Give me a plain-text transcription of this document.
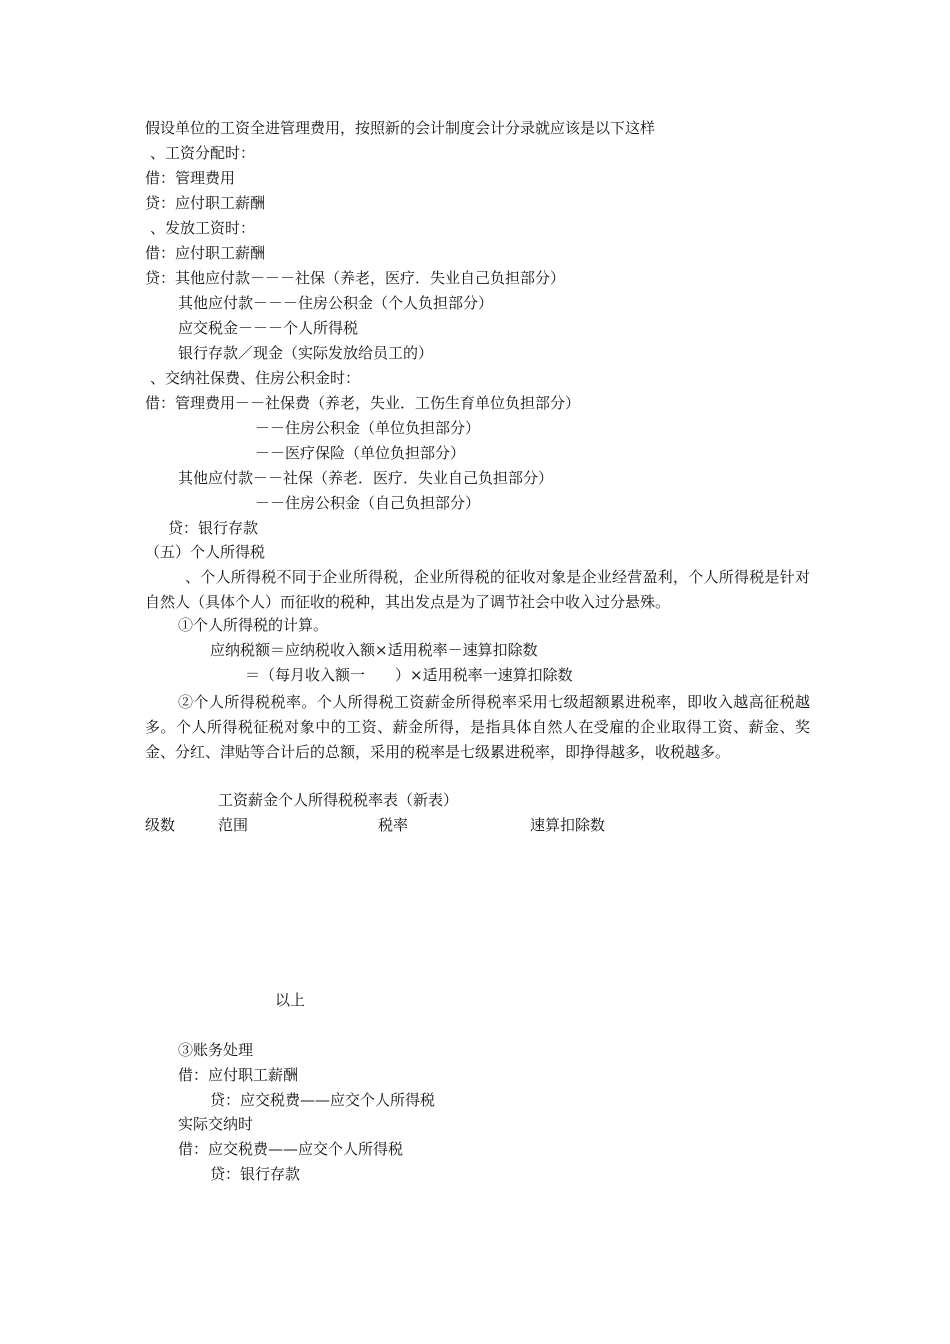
假设单位的工资全进管理费用，按照新的会计制度会计分录就应该是以下这样
、工资分配时：
借：管理费用
贷：应付职工薪酬
、发放工资时：
借：应付职工薪酬
贷：其他应付款－－－社保（养老，医疗．失业自己负担部分）
其他应付款－－－住房公积金（个人负担部分）
应交税金－－－个人所得税
银行存款／现金（实际发放给员工的）
、交纳社保费、住房公积金时：
借：管理费用－－社保费（养老，失业．工伤生育单位负担部分）
－－住房公积金（单位负担部分）
－－医疗保险（单位负担部分）
其他应付款－－社保（养老．医疗．失业自己负担部分）
－－住房公积金（自己负担部分）
贷：银行存款
（五）个人所得税
、个人所得税不同于企业所得税，企业所得税的征收对象是企业经营盈利，个人所得税是针对自然人（具体个人）而征收的税种，其出发点是为了调节社会中收入过分悬殊。
①个人所得税的计算。
应纳税额＝应纳税收入额×适用税率－速算扣除数
＝（每月收入额一　　）×适用税率一速算扣除数
②个人所得税税率。个人所得税工资薪金所得税率采用七级超额累进税率，即收入越高征税越多。个人所得税征税对象中的工资、薪金所得，是指具体自然人在受雇的企业取得工资、薪金、奖金、分红、津贴等合计后的总额，采用的税率是七级累进税率，即挣得越多，收税越多。
工资薪金个人所得税税率表（新表）
级数	范围	税率	速算扣除数
以上
③账务处理
借：应付职工薪酬
贷：应交税费——应交个人所得税
实际交纳时
借：应交税费——应交个人所得税
贷：银行存款
